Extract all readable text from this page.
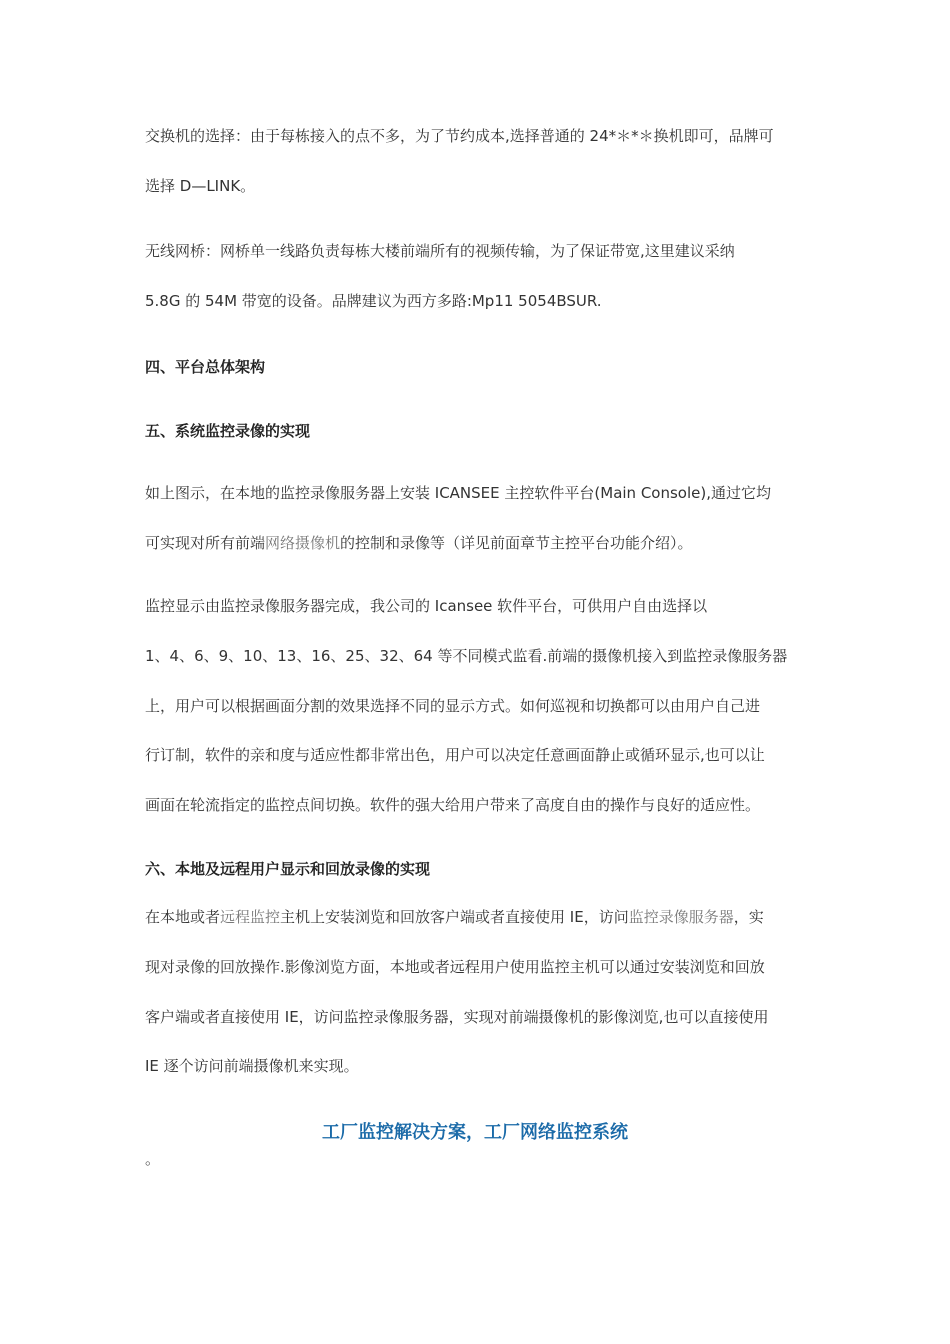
交换机的选择：由于每栋接入的点不多，为了节约成本,选择普通的 24*＊*＊换机即可，品牌可
选择 D—LINK。
无线网桥：网桥单一线路负责每栋大楼前端所有的视频传输，为了保证带宽,这里建议采纳
5.8G 的 54M 带宽的设备。品牌建议为西方多路:Mp11 5054BSUR.
四、平台总体架构
五、系统监控录像的实现
如上图示，在本地的监控录像服务器上安装 ICANSEE 主控软件平台(Main Console),通过它均
可实现对所有前端网络摄像机的控制和录像等（详见前面章节主控平台功能介绍）。
监控显示由监控录像服务器完成，我公司的 Icansee 软件平台，可供用户自由选择以
1、4、6、9、10、13、16、25、32、64 等不同模式监看.前端的摄像机接入到监控录像服务器
上，用户可以根据画面分割的效果选择不同的显示方式。如何巡视和切换都可以由用户自己进
行订制，软件的亲和度与适应性都非常出色，用户可以决定任意画面静止或循环显示,也可以让
画面在轮流指定的监控点间切换。软件的强大给用户带来了高度自由的操作与良好的适应性。
六、本地及远程用户显示和回放录像的实现
在本地或者远程监控主机上安装浏览和回放客户端或者直接使用 IE，访问监控录像服务器，实
现对录像的回放操作.影像浏览方面，本地或者远程用户使用监控主机可以通过安装浏览和回放
客户端或者直接使用 IE，访问监控录像服务器，实现对前端摄像机的影像浏览,也可以直接使用
IE 逐个访问前端摄像机来实现。
工厂监控解决方案，工厂网络监控系统
。
